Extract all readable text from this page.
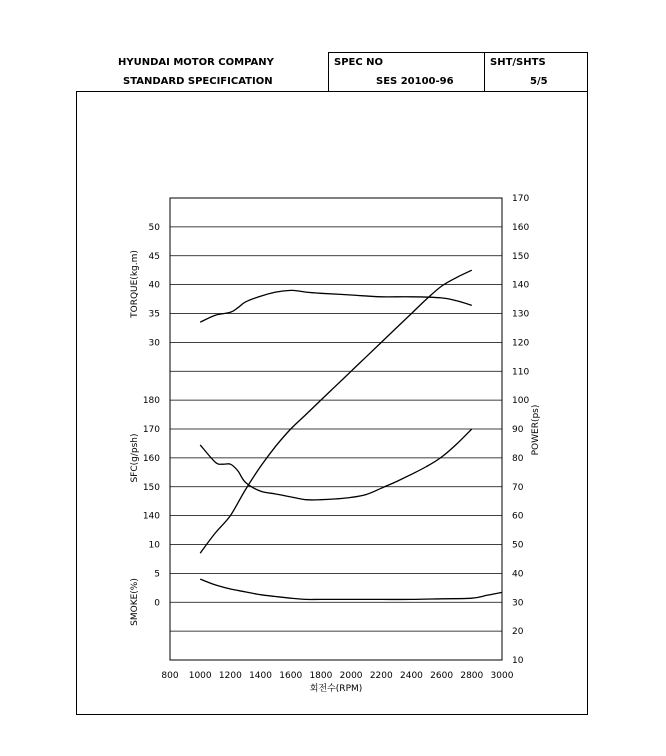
HYUNDAI MOTOR COMPANY
STANDARD SPECIFICATION
SPEC NO
SES 20100-96
SHT/SHTS
5/5
10
20
30
40
50
60
70
80
90
100
110
120
130
140
150
160
170
800 1000 1200 1400 1600 1800 2000 2200 2400 2600 2800 3000
30
35
40
45
50
140
150
160
170
180
0
5
10
회전수(RPM)
POWER(ps)
TORQUE(kg.m)
SFC(g/psh)
SMOKE(%)
